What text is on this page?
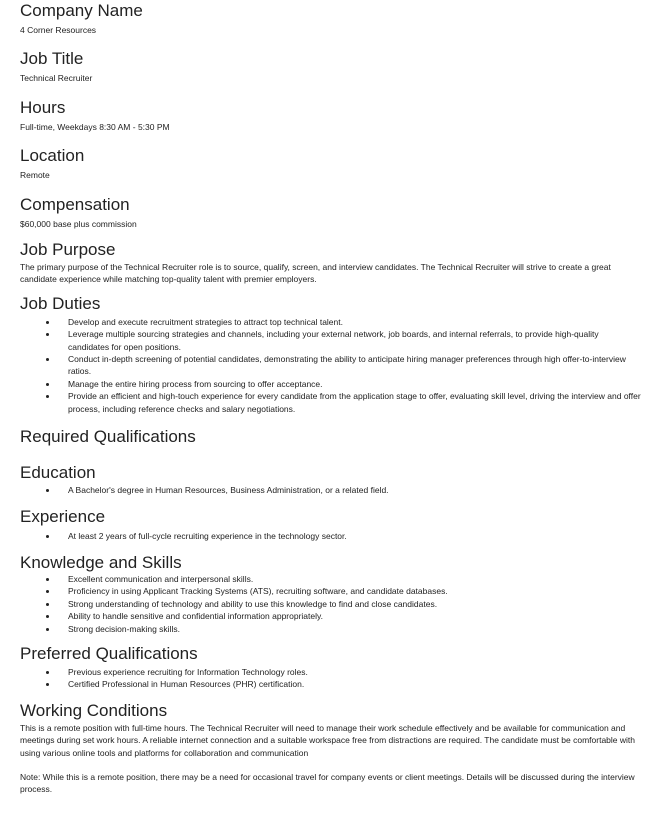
Company Name

4 Corner Resources

Job Title

Technical Recruiter

Hours

Full-time, Weekdays 8:30 AM - 5:30 PM

Location

Remote

Compensation

$60,000 base plus commission

Job Purpose

The primary purpose of the Technical Recruiter role is to source, qualify, screen, and interview candidates. The Technical Recruiter will strive to create a great candidate experience while matching top-quality talent with premier employers.

Job Duties
Develop and execute recruitment strategies to attract top technical talent.
Leverage multiple sourcing strategies and channels, including your external network, job boards, and internal referrals, to provide high-quality candidates for open positions.
Conduct in-depth screening of potential candidates, demonstrating the ability to anticipate hiring manager preferences through high offer-to-interview ratios.
Manage the entire hiring process from sourcing to offer acceptance.
Provide an efficient and high-touch experience for every candidate from the application stage to offer, evaluating skill level, driving the interview and offer process, including reference checks and salary negotiations.
Required Qualifications
Education
A Bachelor's degree in Human Resources, Business Administration, or a related field.
Experience
At least 2 years of full-cycle recruiting experience in the technology sector.
Knowledge and Skills
Excellent communication and interpersonal skills.
Proficiency in using Applicant Tracking Systems (ATS), recruiting software, and candidate databases.
Strong understanding of technology and ability to use this knowledge to find and close candidates.
Ability to handle sensitive and confidential information appropriately.
Strong decision-making skills.
Preferred Qualifications
Previous experience recruiting for Information Technology roles.
Certified Professional in Human Resources (PHR) certification.
Working Conditions

This is a remote position with full-time hours. The Technical Recruiter will need to manage their work schedule effectively and be available for communication and meetings during set work hours. A reliable internet connection and a suitable workspace free from distractions are required. The candidate must be comfortable with using various online tools and platforms for collaboration and communication

Note: While this is a remote position, there may be a need for occasional travel for company events or client meetings. Details will be discussed during the interview process.
